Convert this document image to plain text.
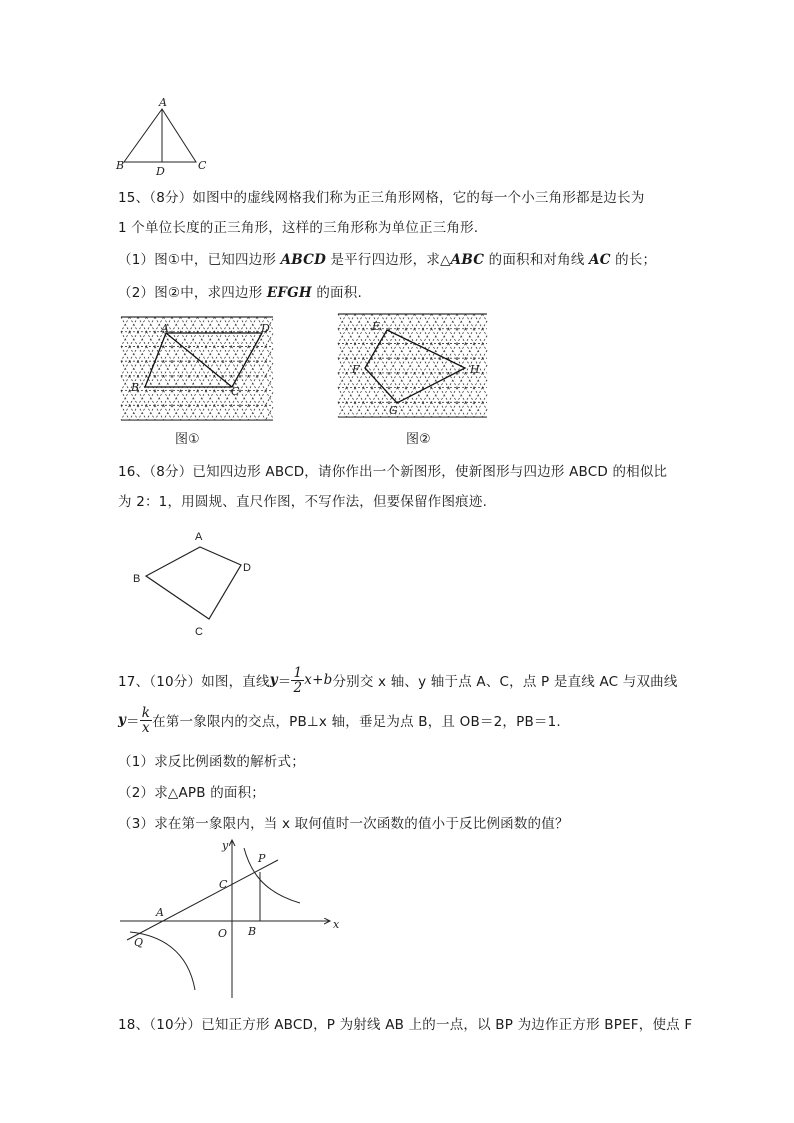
A
B	C
D
15、（8分）如图中的虚线网格我们称为正三角形网格，它的每一个小三角形都是边长为
1 个单位长度的正三角形，这样的三角形称为单位正三角形.
（1）图①中，已知四边形 ABCD 是平行四边形，求△ABC 的面积和对角线 AC 的长；
（2）图②中，求四边形 EFGH 的面积.
A	D
B	C
图①
E
F
G
H
图②
16、（8分）已知四边形 ABCD，请你作出一个新图形，使新图形与四边形 ABCD 的相似比
为 2：1，用圆规、直尺作图，不写作法，但要保留作图痕迹.
A
B
C
D
17、（10分）如图，直线 $y = \frac{1}{2} x+b$ 分别交 x 轴、y 轴于点 A、C，点 P 是直线 AC 与双曲线
$y = \frac{k}{x}$ 在第一象限内的交点，PB⊥x 轴，垂足为点 B，且 OB＝2，PB＝1.
（1）求反比例函数的解析式；
（2）求△APB 的面积；
（3）求在第一象限内，当 x 取何值时一次函数的值小于反比例函数的值？
y
x
P
C
A
O B
Q
18、（10分）已知正方形 ABCD，P 为射线 AB 上的一点，以 BP 为边作正方形 BPEF，使点 F
